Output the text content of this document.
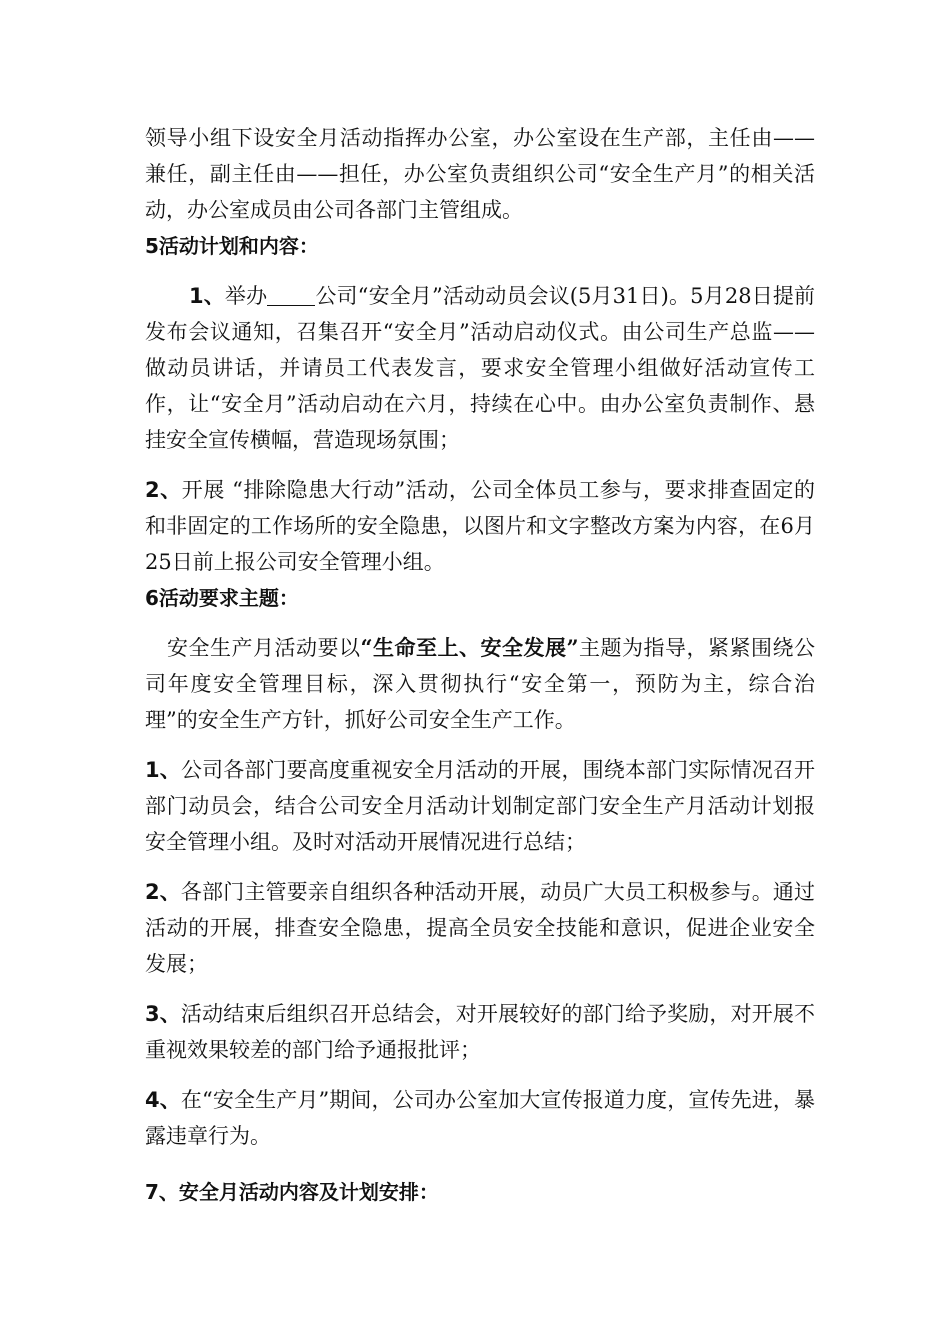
领导小组下设安全月活动指挥办公室，办公室设在生产部，主任由——兼任，副主任由——担任，办公室负责组织公司“安全生产月”的相关活动，办公室成员由公司各部门主管组成。

5活动计划和内容：

1、举办 公司“安全月”活动动员会议(5月31日)。5月28日提前发布会议通知，召集召开“安全月”活动启动仪式。由公司生产总监——做动员讲话，并请员工代表发言，要求安全管理小组做好活动宣传工作，让“安全月”活动启动在六月，持续在心中。由办公室负责制作、悬挂安全宣传横幅，营造现场氛围；

2、开展 “排除隐患大行动”活动，公司全体员工参与，要求排查固定的和非固定的工作场所的安全隐患，以图片和文字整改方案为内容，在6月25日前上报公司安全管理小组。

6活动要求主题：

安全生产月活动要以“生命至上、安全发展”主题为指导，紧紧围绕公司年度安全管理目标，深入贯彻执行“安全第一，预防为主，综合治理”的安全生产方针，抓好公司安全生产工作。

1、公司各部门要高度重视安全月活动的开展，围绕本部门实际情况召开部门动员会，结合公司安全月活动计划制定部门安全生产月活动计划报安全管理小组。及时对活动开展情况进行总结；

2、各部门主管要亲自组织各种活动开展，动员广大员工积极参与。通过活动的开展，排查安全隐患，提高全员安全技能和意识，促进企业安全发展；

3、活动结束后组织召开总结会，对开展较好的部门给予奖励，对开展不重视效果较差的部门给予通报批评；

4、在“安全生产月”期间，公司办公室加大宣传报道力度，宣传先进，暴露违章行为。

7、安全月活动内容及计划安排：
